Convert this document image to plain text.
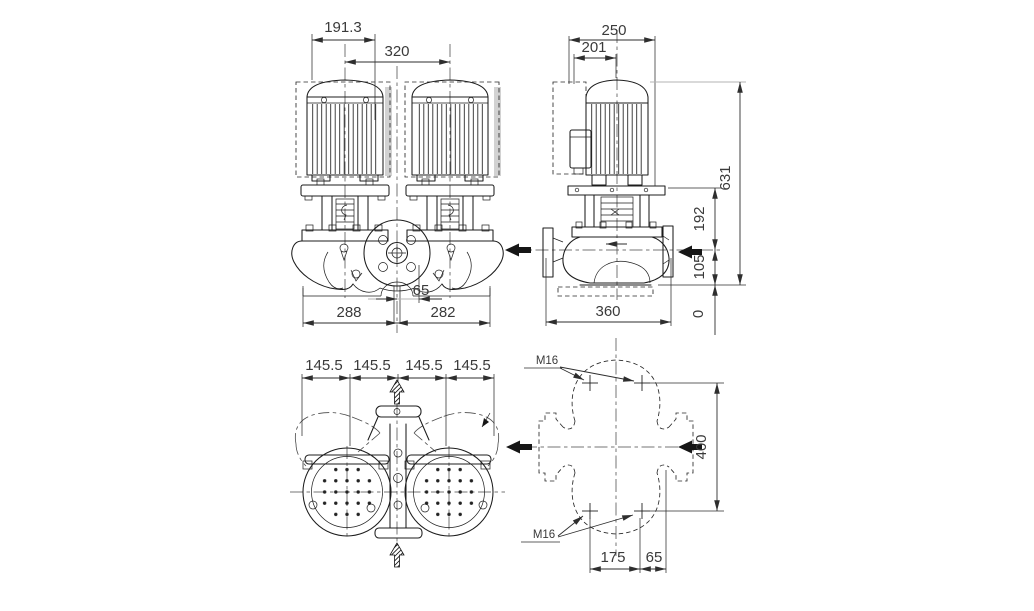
191.3
320
65
288	282
250
201
631
192
105
0
360
145.5 145.5 145.5 145.5	M16
M16
400
175 65
